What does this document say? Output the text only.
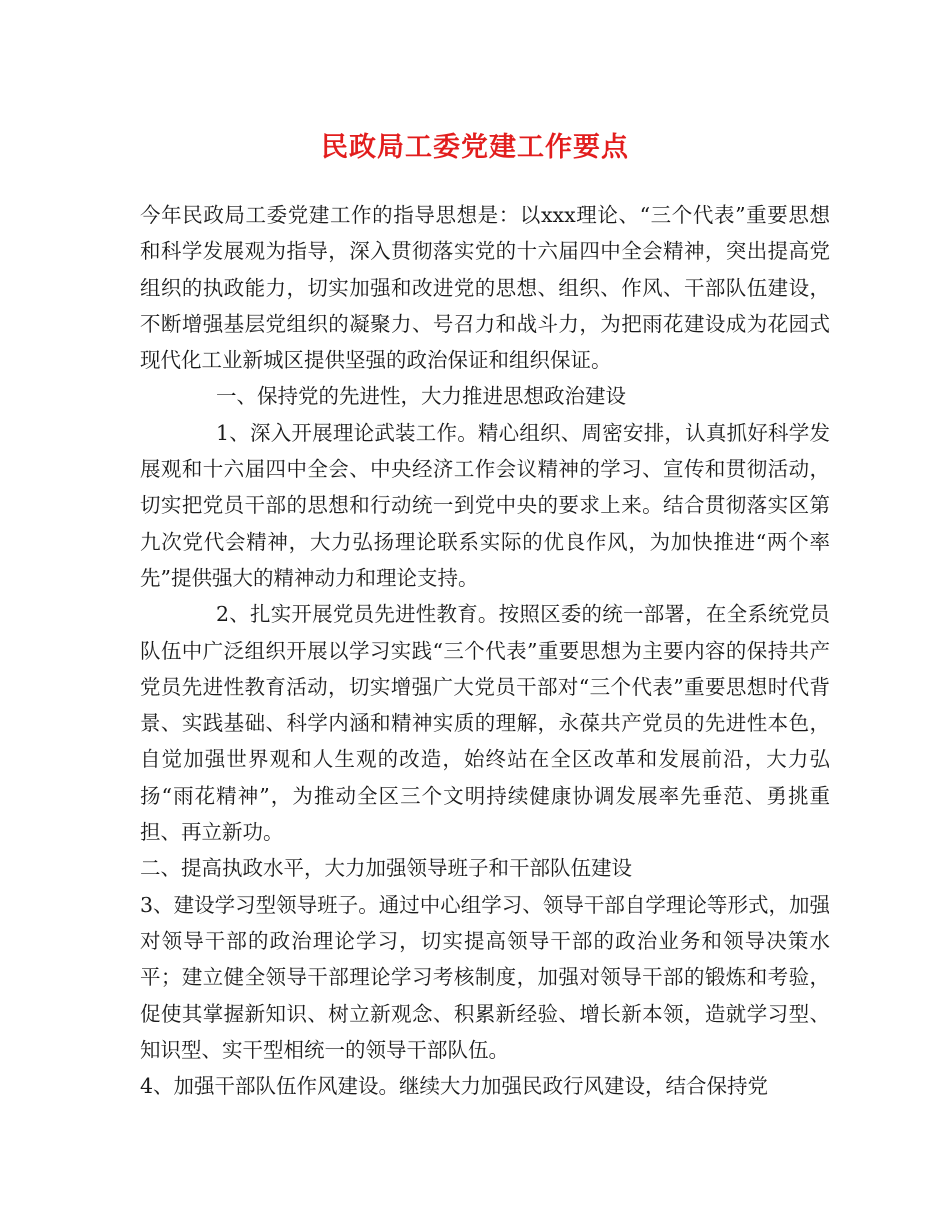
民政局工委党建工作要点

今年民政局工委党建工作的指导思想是：以xxx理论、“三个代表”重要思想和科学发展观为指导，深入贯彻落实党的十六届四中全会精神，突出提高党组织的执政能力，切实加强和改进党的思想、组织、作风、干部队伍建设，不断增强基层党组织的凝聚力、号召力和战斗力，为把雨花建设成为花园式现代化工业新城区提供坚强的政治保证和组织保证。

一、保持党的先进性，大力推进思想政治建设

1、深入开展理论武装工作。精心组织、周密安排，认真抓好科学发展观和十六届四中全会、中央经济工作会议精神的学习、宣传和贯彻活动，切实把党员干部的思想和行动统一到党中央的要求上来。结合贯彻落实区第九次党代会精神，大力弘扬理论联系实际的优良作风，为加快推进“两个率先”提供强大的精神动力和理论支持。

2、扎实开展党员先进性教育。按照区委的统一部署，在全系统党员队伍中广泛组织开展以学习实践“三个代表”重要思想为主要内容的保持共产党员先进性教育活动，切实增强广大党员干部对“三个代表”重要思想时代背景、实践基础、科学内涵和精神实质的理解，永葆共产党员的先进性本色，自觉加强世界观和人生观的改造，始终站在全区改革和发展前沿，大力弘扬“雨花精神”，为推动全区三个文明持续健康协调发展率先垂范、勇挑重担、再立新功。

二、提高执政水平，大力加强领导班子和干部队伍建设

3、建设学习型领导班子。通过中心组学习、领导干部自学理论等形式，加强对领导干部的政治理论学习，切实提高领导干部的政治业务和领导决策水平；建立健全领导干部理论学习考核制度，加强对领导干部的锻炼和考验，促使其掌握新知识、树立新观念、积累新经验、增长新本领，造就学习型、知识型、实干型相统一的领导干部队伍。

4、加强干部队伍作风建设。继续大力加强民政行风建设，结合保持党
